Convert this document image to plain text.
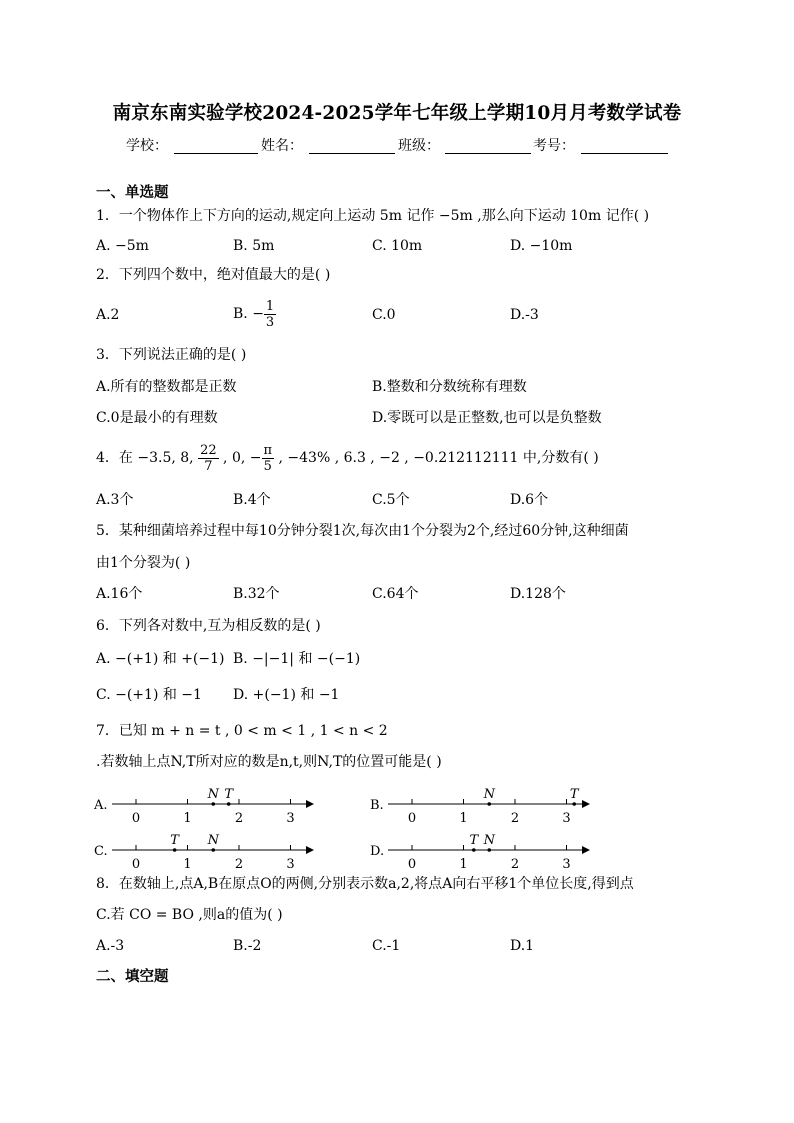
南京东南实验学校2024-2025学年七年级上学期10月月考数学试卷
学校：	姓名：	班级：	考号：
一、单选题
1．一个物体作上下方向的运动,规定向上运动 5m 记作 −5m ,那么向下运动 10m 记作( )
A. −5m	B. 5m	C. 10m	D. −10m
2．下列四个数中，绝对值最大的是( )
A.2	B. − $\frac{1}{3}$	C.0	D.-3
3．下列说法正确的是( )
A.所有的整数都是正数	B.整数和分数统称有理数
C.0是最小的有理数	D.零既可以是正整数,也可以是负整数
4．在 −3.5, 8, $\frac{22}{7}$ , 0, − $\frac{\pi}{5}$ , −43% , 6.3 , −2 , −0.212112111 中,分数有( )
A.3个	B.4个	C.5个	D.6个
5．某种细菌培养过程中每10分钟分裂1次,每次由1个分裂为2个,经过60分钟,这种细菌
由1个分裂为( )
A.16个	B.32个	C.64个	D.128个
6．下列各对数中,互为相反数的是( )
A. −(+1) 和 +(−1) B. −|−1| 和 −(−1)
C. −(+1) 和 −1 D. +(−1) 和 −1
7．已知 m + n = t , 0 < m < 1 , 1 < n < 2
.若数轴上点N,T所对应的数是n,t,则N,T的位置可能是( )
A.
0	1	2	3
N T
B.
0	1	2	3
N	T
C.
0	1	2	3
T N
D.
0	1	2	3
T N
8．在数轴上,点A,B在原点O的两侧,分别表示数a,2,将点A向右平移1个单位长度,得到点
C.若 CO = BO ,则a的值为( )
A.-3	B.-2	C.-1	D.1
二、填空题
